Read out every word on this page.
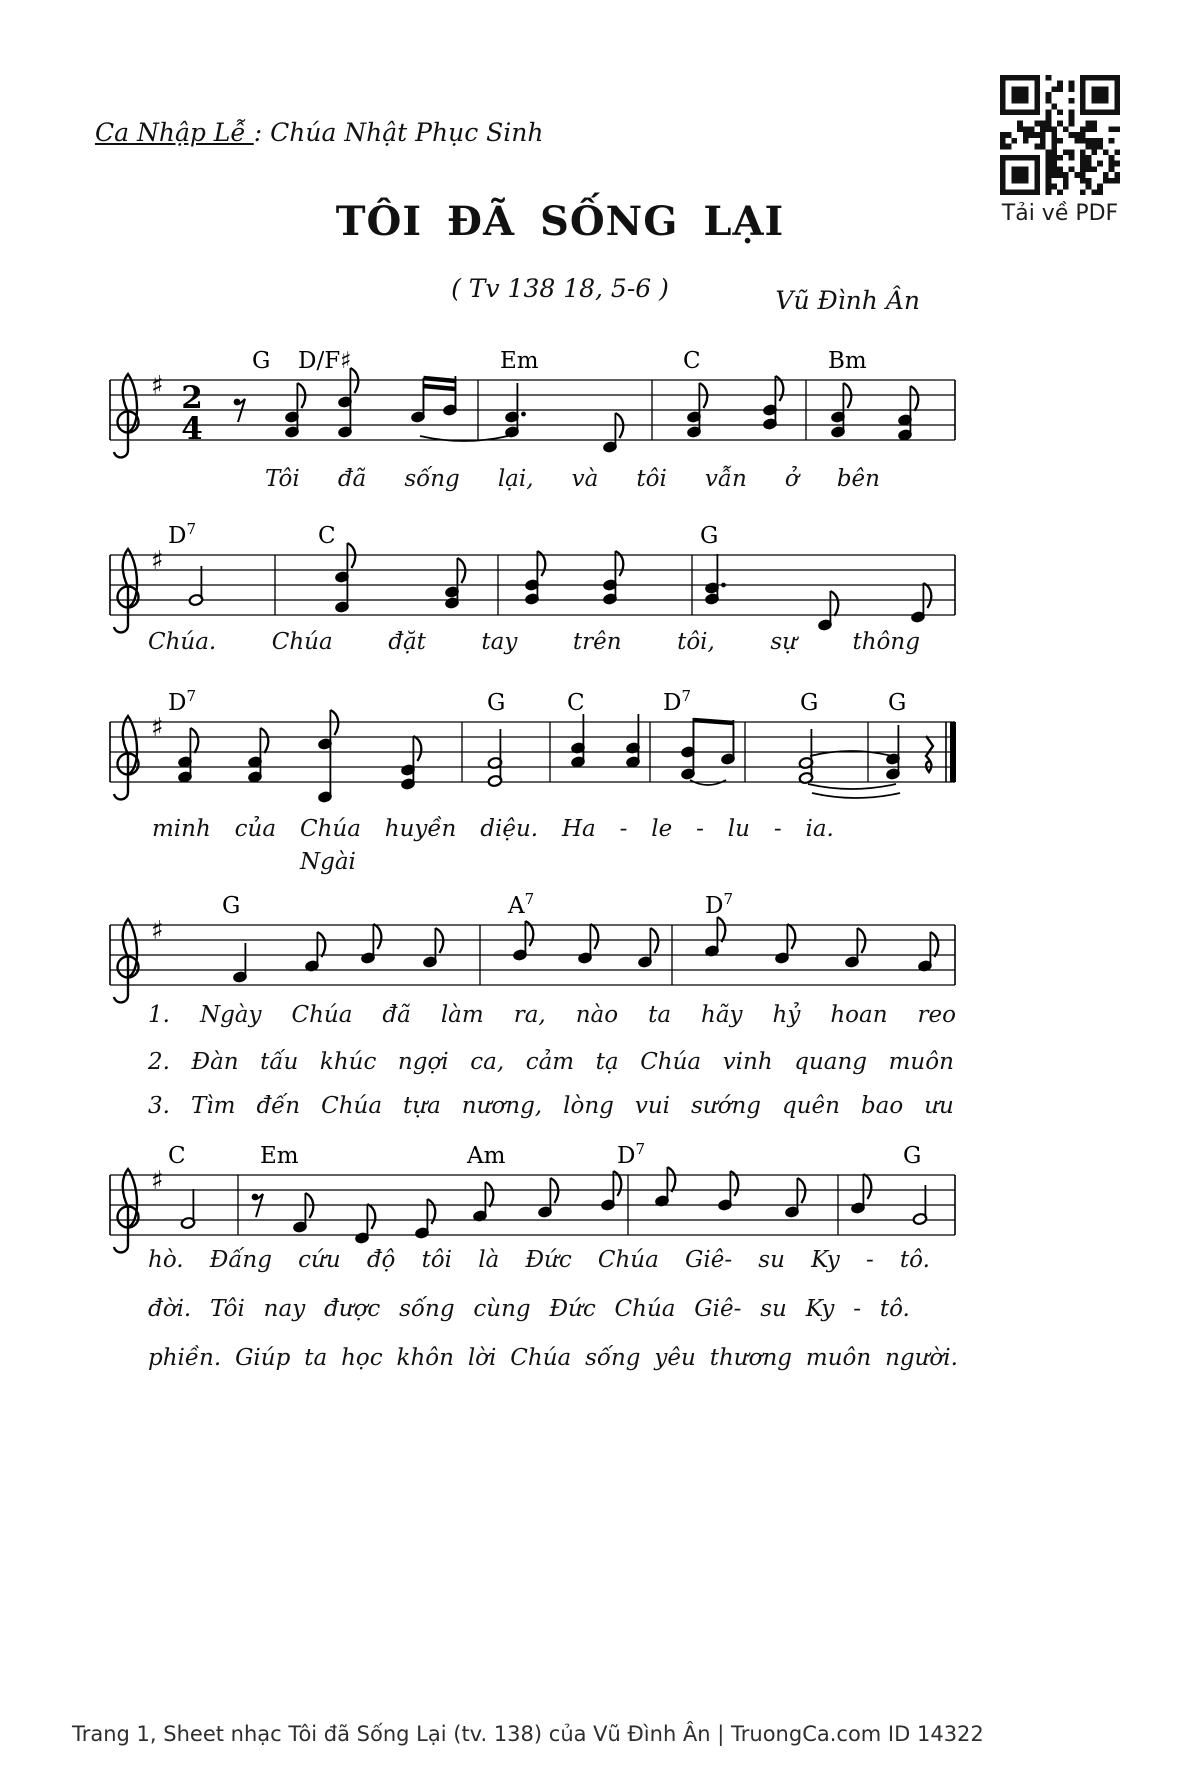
Ca Nhập Lễ : Chúa Nhật Phục Sinh
Tải về PDF
TÔI ĐÃ SỐNG LẠI
( Tv 138 18, 5-6 )	Vũ Đình Ân
♯ 2
4
G D/F♯	Em	C	Bm
♯
$D^7$	C	G
♯
$D^7$	G	C	$D^7$	G	G
♯
G	$A^7$	$D^7$
♯
C	Em	Am	$D^7$	G
Tôi đã sống lại, và tôi vẫn ở bên
Chúa. Chúa đặt tay trên tôi, sự thông
minh của Chúa huyền diệu. Ha - le - lu - ia.
Ngài
1. Ngày Chúa đã làm ra, nào ta hãy hỷ hoan reo
2. Đàn tấu khúc ngợi ca, cảm tạ Chúa vinh quang muôn
3. Tìm đến Chúa tựa nương, lòng vui sướng quên bao ưu
hò. Đấng cứu độ tôi là Đức Chúa Giê- su Ky - tô.
đời. Tôi nay được sống cùng Đức Chúa Giê- su Ky - tô.
phiền. Giúp ta học khôn lời Chúa sống yêu thương muôn người.
Trang 1, Sheet nhạc Tôi đã Sống Lại (tv. 138) của Vũ Đình Ân | TruongCa.com ID 14322
